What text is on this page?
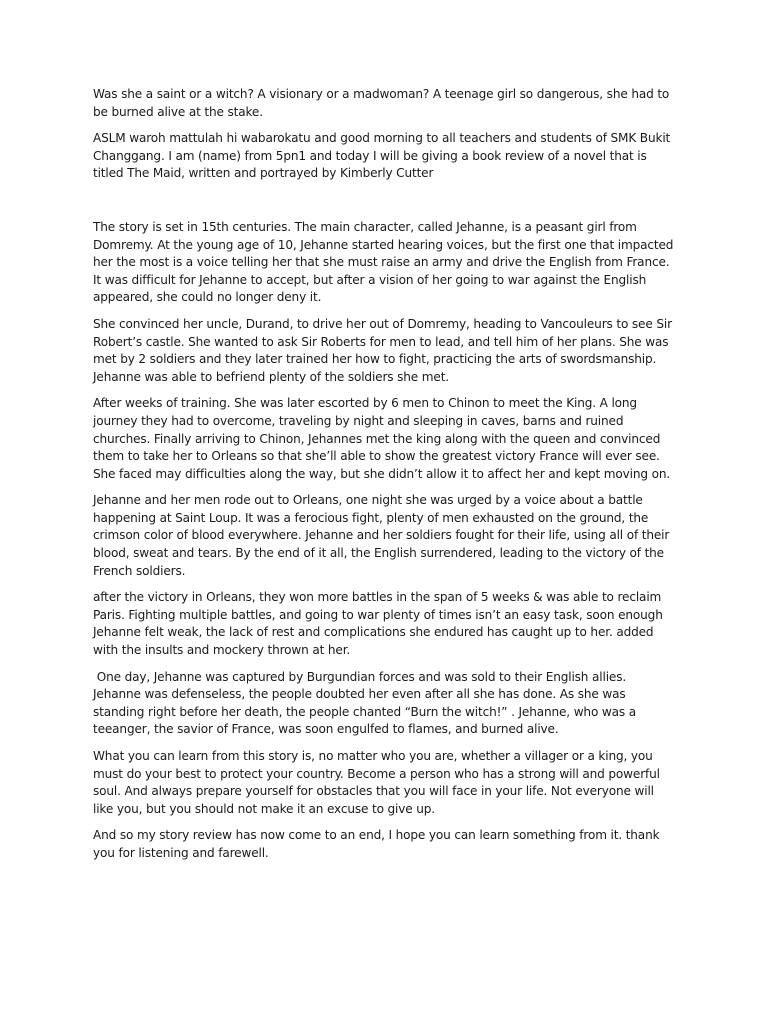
Was she a saint or a witch? A visionary or a madwoman? A teenage girl so dangerous, she had to be burned alive at the stake.

ASLM waroh mattulah hi wabarokatu and good morning to all teachers and students of SMK Bukit Changgang. I am (name) from 5pn1 and today I will be giving a book review of a novel that is titled The Maid, written and portrayed by Kimberly Cutter

The story is set in 15th centuries. The main character, called Jehanne, is a peasant girl from Domremy. At the young age of 10, Jehanne started hearing voices, but the first one that impacted her the most is a voice telling her that she must raise an army and drive the English from France. It was difficult for Jehanne to accept, but after a vision of her going to war against the English appeared, she could no longer deny it.

She convinced her uncle, Durand, to drive her out of Domremy, heading to Vancouleurs to see Sir Robert’s castle. She wanted to ask Sir Roberts for men to lead, and tell him of her plans. She was met by 2 soldiers and they later trained her how to fight, practicing the arts of swordsmanship. Jehanne was able to befriend plenty of the soldiers she met.

After weeks of training. She was later escorted by 6 men to Chinon to meet the King. A long journey they had to overcome, traveling by night and sleeping in caves, barns and ruined churches. Finally arriving to Chinon, Jehannes met the king along with the queen and convinced them to take her to Orleans so that she’ll able to show the greatest victory France will ever see. She faced may difficulties along the way, but she didn’t allow it to affect her and kept moving on.

Jehanne and her men rode out to Orleans, one night she was urged by a voice about a battle happening at Saint Loup. It was a ferocious fight, plenty of men exhausted on the ground, the crimson color of blood everywhere. Jehanne and her soldiers fought for their life, using all of their blood, sweat and tears. By the end of it all, the English surrendered, leading to the victory of the French soldiers.

after the victory in Orleans, they won more battles in the span of 5 weeks & was able to reclaim Paris. Fighting multiple battles, and going to war plenty of times isn’t an easy task, soon enough Jehanne felt weak, the lack of rest and complications she endured has caught up to her. added with the insults and mockery thrown at her.

One day, Jehanne was captured by Burgundian forces and was sold to their English allies. Jehanne was defenseless, the people doubted her even after all she has done. As she was standing right before her death, the people chanted “Burn the witch!” . Jehanne, who was a teeanger, the savior of France, was soon engulfed to flames, and burned alive.

What you can learn from this story is, no matter who you are, whether a villager or a king, you must do your best to protect your country. Become a person who has a strong will and powerful soul. And always prepare yourself for obstacles that you will face in your life. Not everyone will like you, but you should not make it an excuse to give up.

And so my story review has now come to an end, I hope you can learn something from it. thank you for listening and farewell.
